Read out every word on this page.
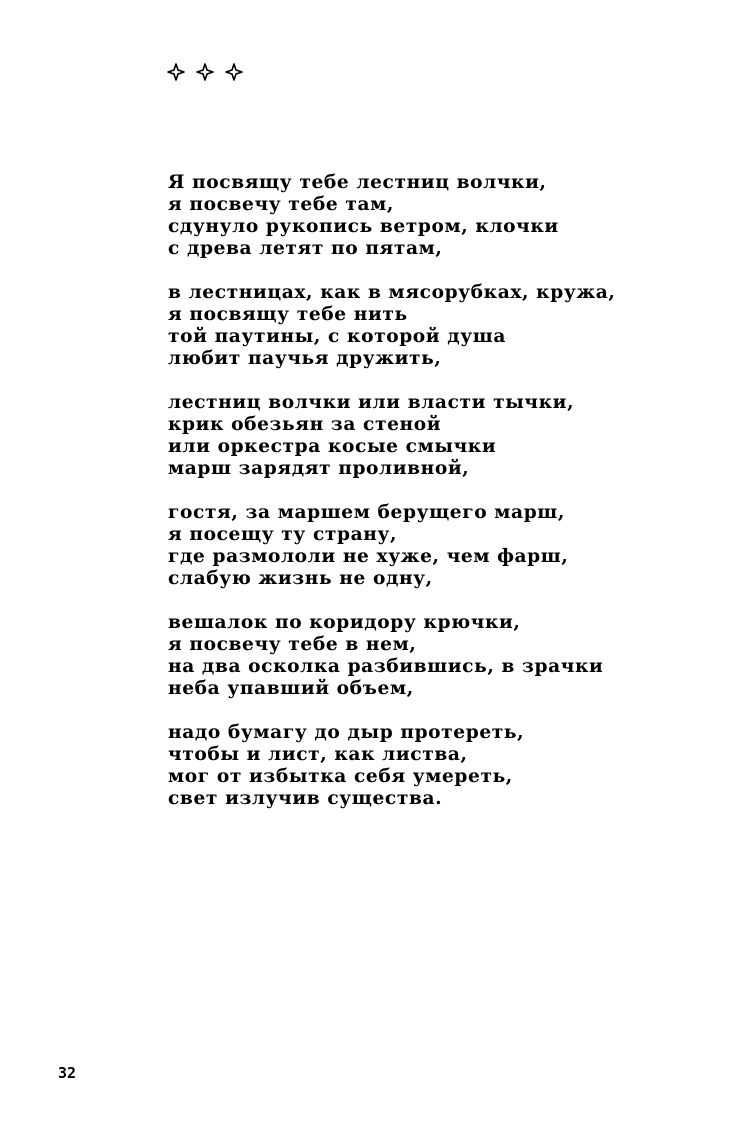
Я посвящу тебе лестниц волчки,
я посвечу тебе там,
сдунуло рукопись ветром, клочки
с древа летят по пятам,
в лестницах, как в мясорубках, кружа,
я посвящу тебе нить
той паутины, с которой душа
любит паучья дружить,
лестниц волчки или власти тычки,
крик обезьян за стеной
или оркестра косые смычки
марш зарядят проливной,
гостя, за маршем берущего марш,
я посещу ту страну,
где размололи не хуже, чем фарш,
слабую жизнь не одну,
вешалок по коридору крючки,
я посвечу тебе в нем,
на два осколка разбившись, в зрачки
неба упавший объем,
надо бумагу до дыр протереть,
чтобы и лист, как листва,
мог от избытка себя умереть,
свет излучив существа.
32
